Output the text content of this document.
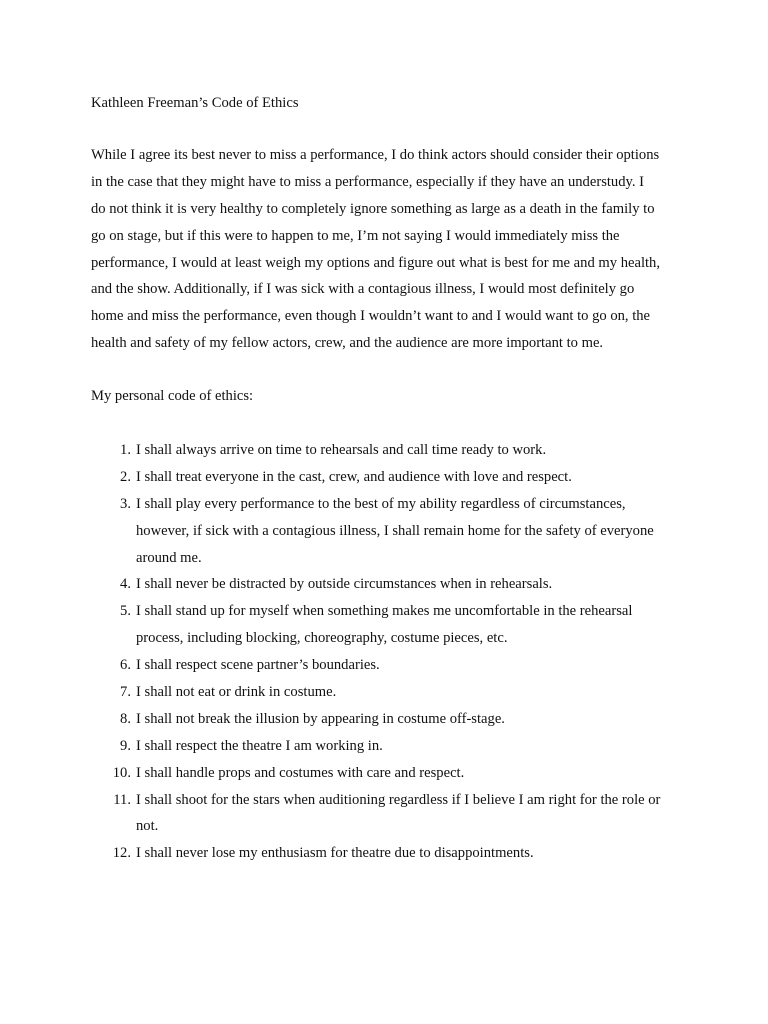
Kathleen Freeman’s Code of Ethics
While I agree its best never to miss a performance, I do think actors should consider their options
in the case that they might have to miss a performance, especially if they have an understudy. I
do not think it is very healthy to completely ignore something as large as a death in the family to
go on stage, but if this were to happen to me, I’m not saying I would immediately miss the
performance, I would at least weigh my options and figure out what is best for me and my health,
and the show. Additionally, if I was sick with a contagious illness, I would most definitely go
home and miss the performance, even though I wouldn’t want to and I would want to go on, the
health and safety of my fellow actors, crew, and the audience are more important to me.
My personal code of ethics:
1. I shall always arrive on time to rehearsals and call time ready to work.
2. I shall treat everyone in the cast, crew, and audience with love and respect.
3. I shall play every performance to the best of my ability regardless of circumstances,
however, if sick with a contagious illness, I shall remain home for the safety of everyone
around me.
4. I shall never be distracted by outside circumstances when in rehearsals.
5. I shall stand up for myself when something makes me uncomfortable in the rehearsal
process, including blocking, choreography, costume pieces, etc.
6. I shall respect scene partner’s boundaries.
7. I shall not eat or drink in costume.
8. I shall not break the illusion by appearing in costume off-stage.
9. I shall respect the theatre I am working in.
10. I shall handle props and costumes with care and respect.
11. I shall shoot for the stars when auditioning regardless if I believe I am right for the role or
not.
12. I shall never lose my enthusiasm for theatre due to disappointments.
